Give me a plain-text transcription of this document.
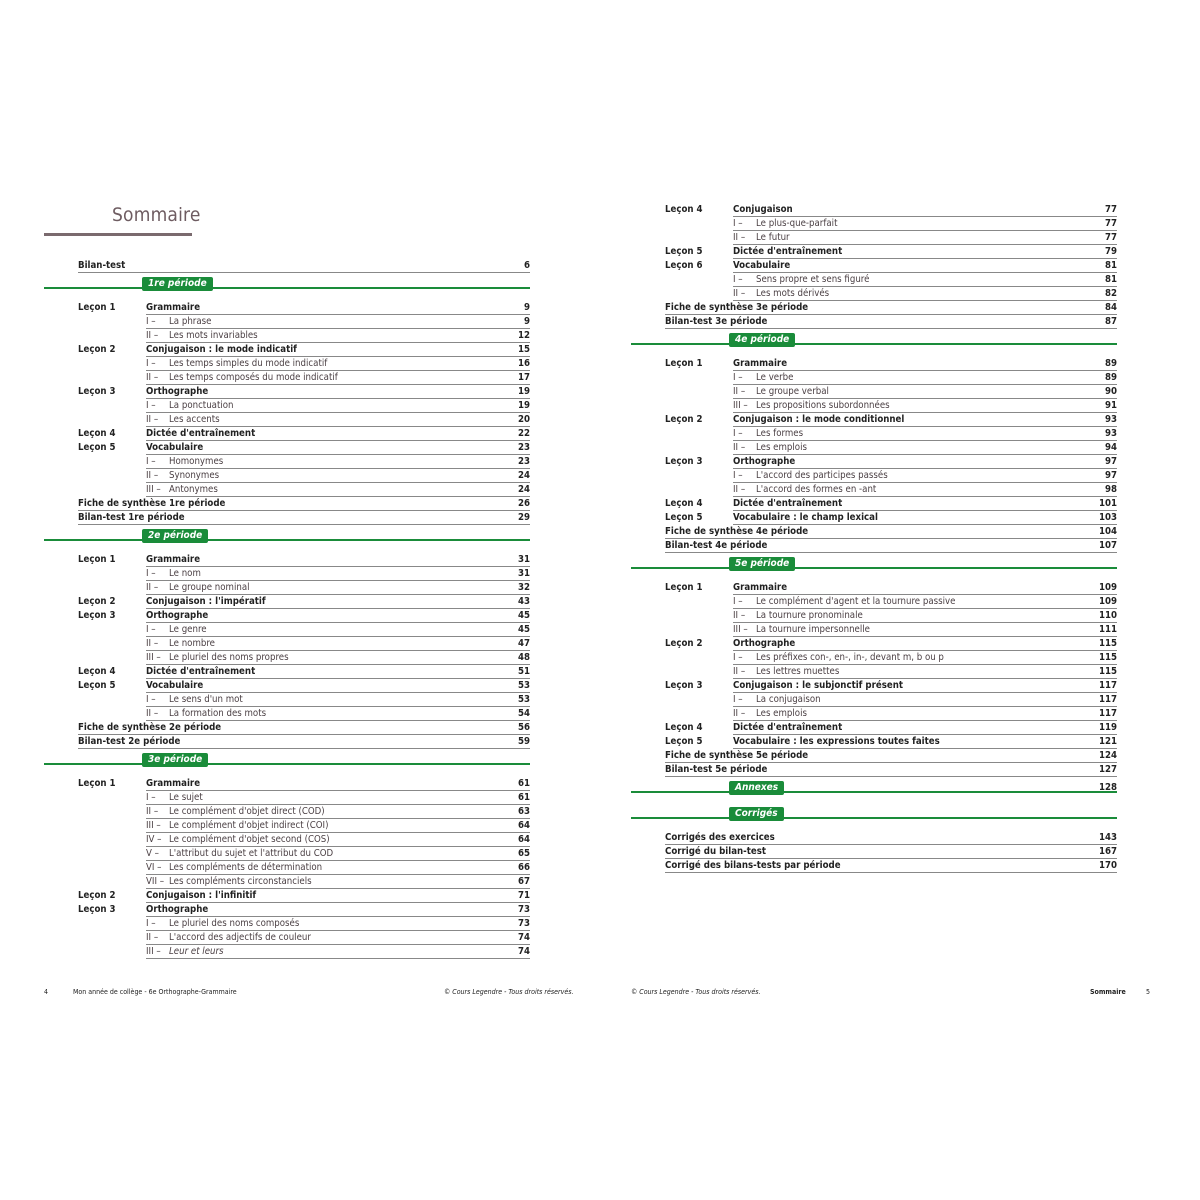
Sommaire
Bilan-test	6
1re période
Leçon 1	Grammaire	9
I – La phrase	9
II – Les mots invariables	12
Leçon 2	Conjugaison : le mode indicatif	15
I – Les temps simples du mode indicatif	16
II – Les temps composés du mode indicatif	17
Leçon 3	Orthographe	19
I – La ponctuation	19
II – Les accents	20
Leçon 4	Dictée d'entraînement	22
Leçon 5	Vocabulaire	23
I – Homonymes	23
II – Synonymes	24
III – Antonymes	24
Fiche de synthèse 1re période	26
Bilan-test 1re période	29
2e période
Leçon 1	Grammaire	31
I – Le nom	31
II – Le groupe nominal	32
Leçon 2	Conjugaison : l'impératif	43
Leçon 3	Orthographe	45
I – Le genre	45
II – Le nombre	47
III – Le pluriel des noms propres	48
Leçon 4	Dictée d'entraînement	51
Leçon 5	Vocabulaire	53
I – Le sens d'un mot	53
II – La formation des mots	54
Fiche de synthèse 2e période	56
Bilan-test 2e période	59
3e période
Leçon 1	Grammaire	61
I – Le sujet	61
II – Le complément d'objet direct (COD)	63
III – Le complément d'objet indirect (COI)	64
IV – Le complément d'objet second (COS)	64
V – L'attribut du sujet et l'attribut du COD	65
VI – Les compléments de détermination	66
VII – Les compléments circonstanciels	67
Leçon 2	Conjugaison : l'infinitif	71
Leçon 3	Orthographe	73
I – Le pluriel des noms composés	73
II – L'accord des adjectifs de couleur	74
III – Leur et leurs	74
Leçon 4	Conjugaison	77
I – Le plus-que-parfait	77
II – Le futur	77
Leçon 5	Dictée d'entraînement	79
Leçon 6	Vocabulaire	81
I – Sens propre et sens figuré	81
II – Les mots dérivés	82
Fiche de synthèse 3e période	84
Bilan-test 3e période	87
4e période
Leçon 1	Grammaire	89
I – Le verbe	89
II – Le groupe verbal	90
III – Les propositions subordonnées	91
Leçon 2	Conjugaison : le mode conditionnel	93
I – Les formes	93
II – Les emplois	94
Leçon 3	Orthographe	97
I – L'accord des participes passés	97
II – L'accord des formes en -ant	98
Leçon 4	Dictée d'entraînement	101
Leçon 5	Vocabulaire : le champ lexical	103
Fiche de synthèse 4e période	104
Bilan-test 4e période	107
5e période
Leçon 1	Grammaire	109
I – Le complément d'agent et la tournure passive	109
II – La tournure pronominale	110
III – La tournure impersonnelle	111
Leçon 2	Orthographe	115
I – Les préfixes con-, en-, in-, devant m, b ou p	115
II – Les lettres muettes	115
Leçon 3	Conjugaison : le subjonctif présent	117
I – La conjugaison	117
II – Les emplois	117
Leçon 4	Dictée d'entraînement	119
Leçon 5	Vocabulaire : les expressions toutes faites	121
Fiche de synthèse 5e période	124
Bilan-test 5e période	127
Annexes	128
Corrigés
Corrigés des exercices	143
Corrigé du bilan-test	167
Corrigé des bilans-tests par période	170
4	Mon année de collège - 6e Orthographe-Grammaire	© Cours Legendre - Tous droits réservés.	© Cours Legendre - Tous droits réservés.	Sommaire	5
